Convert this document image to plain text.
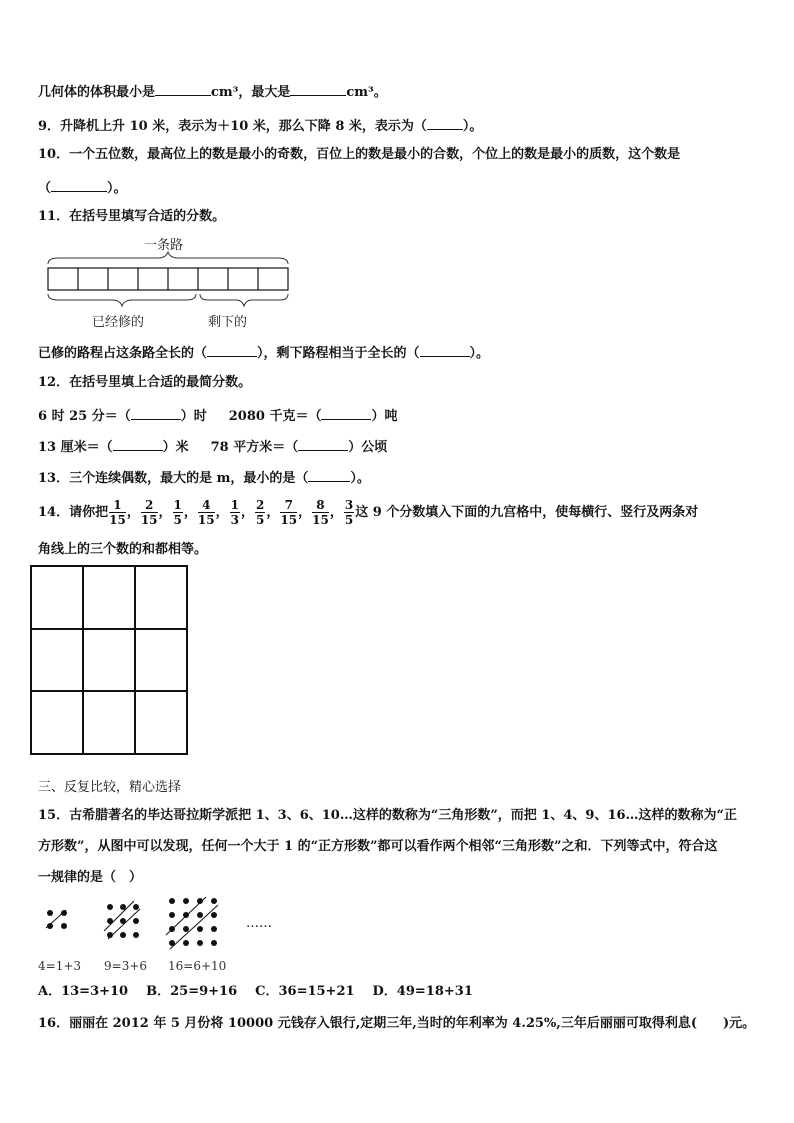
几何体的体积最小是	cm³，最大是	cm³。
9．升降机上升 10 米，表示为＋10 米，那么下降 8 米，表示为（	）。
10．一个五位数，最高位上的数是最小的奇数，百位上的数是最小的合数，个位上的数是最小的质数，这个数是
（	）。
11．在括号里填写合适的分数。
一条路
已经修的	剩下的
已修的路程占这条路全长的（	），剩下路程相当于全长的（	）。
12．在括号里填上合适的最简分数。
6 时 25 分＝（	）时 2080 千克＝（	）吨
13 厘米＝（	）米 78 平方米＝（	）公顷
13．三个连续偶数，最大的是 m，最小的是（	）。
14．请你把 $\frac{1}{15}$ ， $\frac{2}{15}$ ， $\frac{1}{5}$ ， $\frac{4}{15}$ ， $\frac{1}{3}$ ， $\frac{2}{5}$ ， $\frac{7}{15}$ ， $\frac{8}{15}$ ， $\frac{3}{5}$ 这 9 个分数填入下面的九宫格中，使每横行、竖行及两条对
角线上的三个数的和都相等。
三、反复比较，精心选择
15．古希腊著名的毕达哥拉斯学派把 1、3、6、10…这样的数称为“三角形数”，而把 1、4、9、16…这样的数称为“正
方形数”，从图中可以发现，任何一个大于 1 的“正方形数”都可以看作两个相邻“三角形数”之和．下列等式中，符合这
一规律的是（　）
……
4=1+3 9=3+6 16=6+10
A．13=3+10 B．25=9+16 C．36=15+21 D．49=18+31
16．丽丽在 2012 年 5 月份将 10000 元钱存入银行,定期三年,当时的年利率为 4.25%,三年后丽丽可取得利息(　　)元。
